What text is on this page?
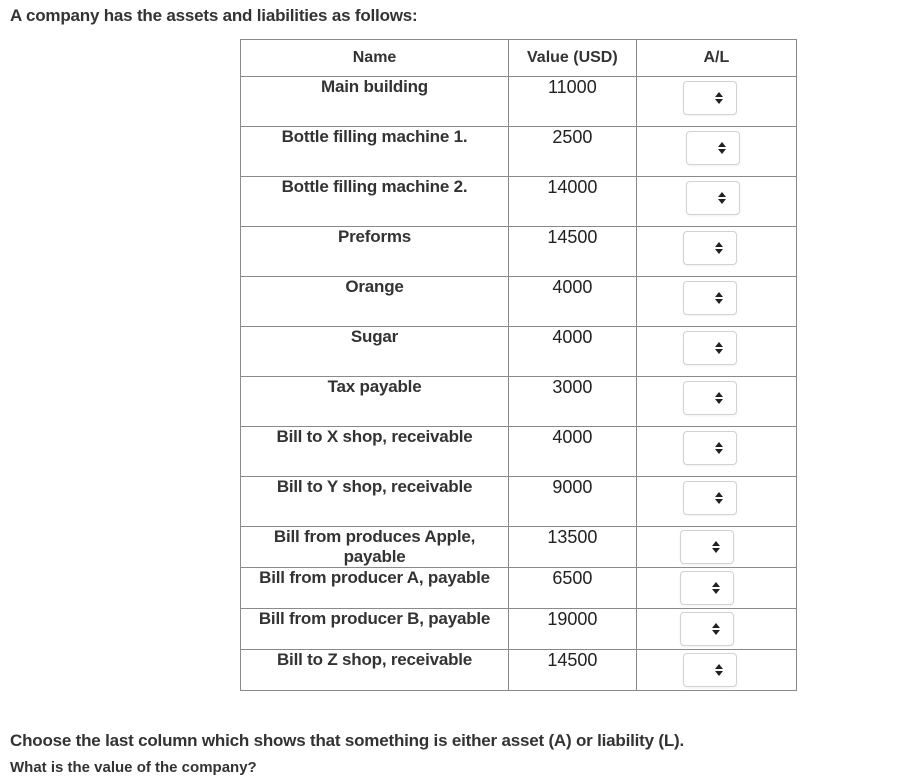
A company has the assets and liabilities as follows:
Name	Value (USD)	A/L
Main building	11000	

Bottle filling machine 1.	2500	

Bottle filling machine 2.	14000	

Preforms	14500	

Orange	4000	

Sugar	4000	

Tax payable	3000	

Bill to X shop, receivable	4000	

Bill to Y shop, receivable	9000	

Bill from produces Apple, payable	13500	

Bill from producer A, payable	6500	

Bill from producer B, payable	19000	

Bill to Z shop, receivable	14500	
Choose the last column which shows that something is either asset (A) or liability (L).
What is the value of the company?
